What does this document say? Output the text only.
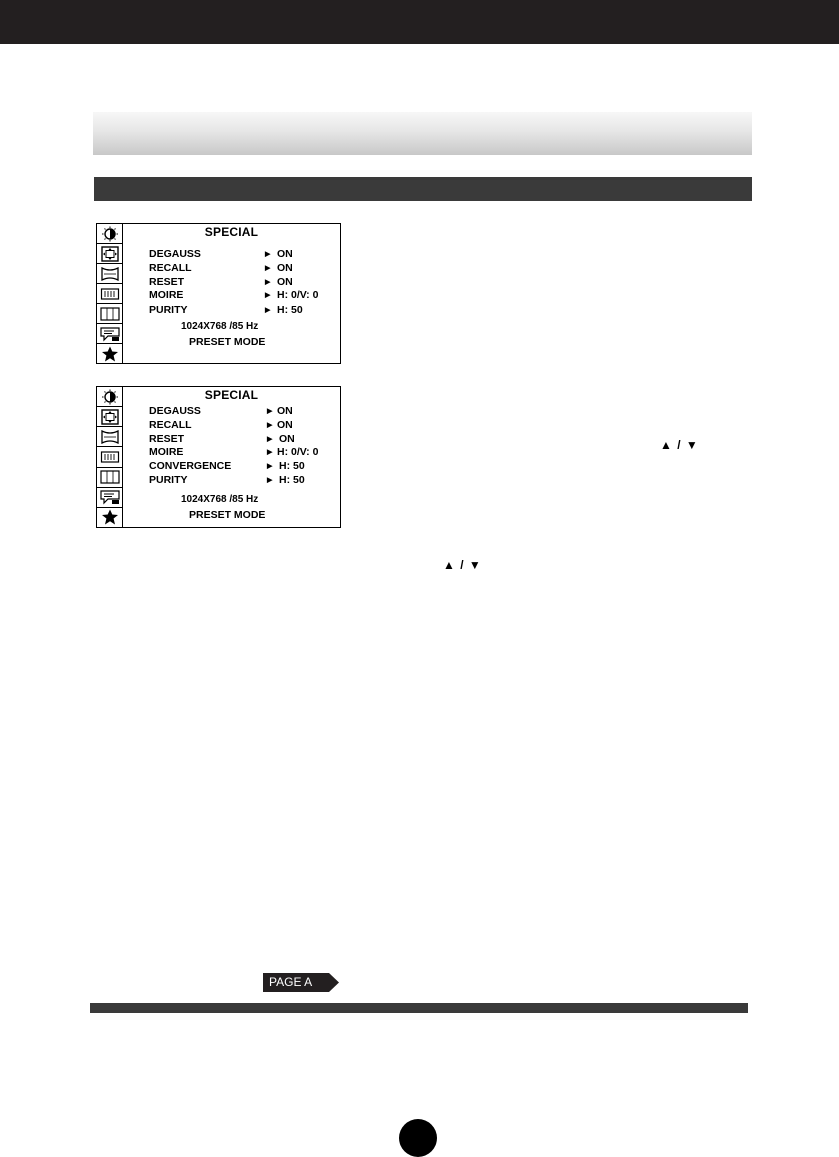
SPECIAL
DEGAUSS	▶ ON
RECALL	▶ ON
RESET	▶ ON
MOIRE	▶ H: 0/V: 0
PURITY	▶ H: 50
1024X768 /85 Hz
PRESET MODE
SPECIAL
DEGAUSS	▶ ON
RECALL	▶ ON
RESET	▶ ON
MOIRE	▶ H: 0/V: 0
CONVERGENCE	▶ H: 50
PURITY	▶ H: 50
1024X768 /85 Hz
PRESET MODE
▲ / ▼
▲ / ▼
PAGE A
